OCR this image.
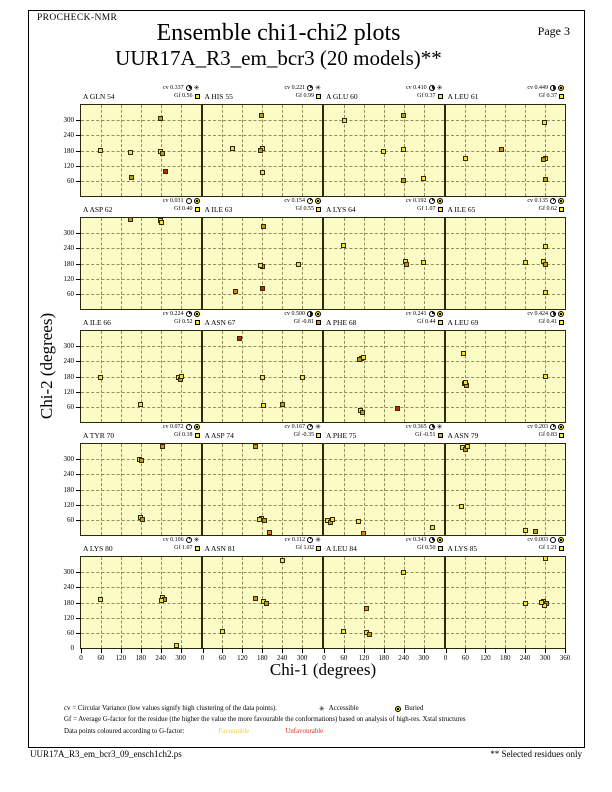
PROCHECK-NMR
Page 3
Ensemble chi1-chi2 plots
UUR17A_R3_em_bcr3 (20 models)**
Chi-2 (degrees)
A GLN 54
cv 0.337 ✳
Gf 0.56
300
240
180
120
60
A HIS 55
cv 0.221 ✳
Gf 0.99 A GLU 60
cv 0.410 ✳
Gf 0.37 A LEU 61
cv 0.449
Gf 0.37
A ASP 62
cv 0.031
Gf 0.40
300
240
180
120
60
A ILE 63
cv 0.154
Gf 0.55 A LYS 64
cv 0.192
Gf 1.07 A ILE 65
cv 0.135
Gf 0.62
A ILE 66
cv 0.224
Gf 0.52
300
240
180
120
60
A ASN 67
cv 0.500
Gf -0.81 A PHE 68
cv 0.241
Gf 0.44 A LEU 69
cv 0.424
Gf 0.41
A TYR 70
cv 0.072
Gf 0.18
300
240
180
120
60
A ASP 74
cv 0.167 ✳
Gf -0.35 A PHE 75
cv 0.365 ✳
Gf -0.51 A ASN 79
cv 0.203
Gf 0.83
A LYS 80
cv 0.106 ✳
Gf 1.07
300
240
180
120
60
0
0	60	120	180	240	300
A ASN 81
cv 0.112 ✳
Gf 1.02
0	60	120	180	240	300
A LEU 84
cv 0.343
Gf 0.50
0	60	120	180	240	300
A LYS 85
cv 0.003
Gf 1.21
0	60	120	180	240	300	360
Chi-1 (degrees)
cv = Circular Variance (low values signify high clustering of the data points).	✳ Accessible	Buried
Gf = Average G-factor for the residue (the higher the value the more favourable the conformations) based on analysis of high-res. Xstal structures
Data points coloured according to G-factor:	Favourable	Unfavourable
UUR17A_R3_em_bcr3_09_ensch1ch2.ps	** Selected residues only
